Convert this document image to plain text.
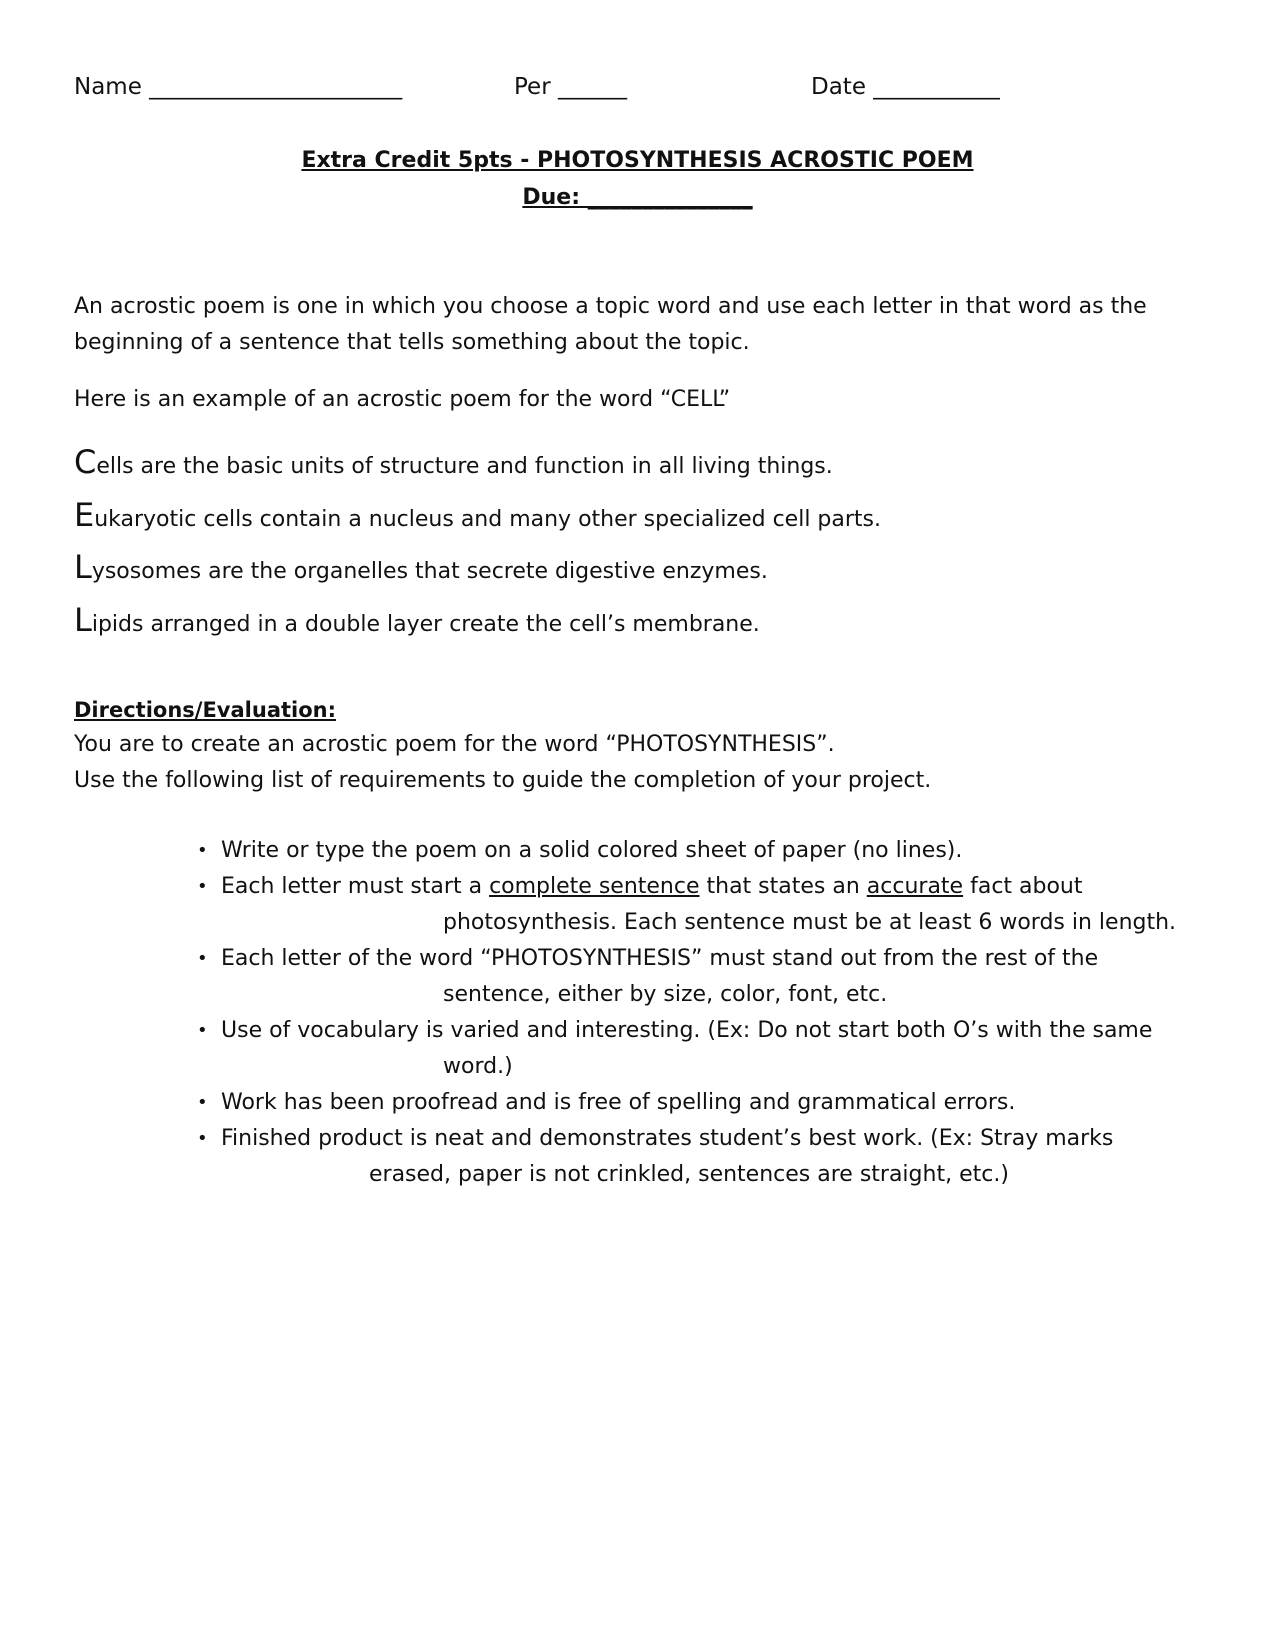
Name ______________________	Per ______	Date ___________
Extra Credit 5pts - PHOTOSYNTHESIS ACROSTIC POEM
Due: _______________
An acrostic poem is one in which you choose a topic word and use each letter in that word as the
beginning of a sentence that tells something about the topic.
Here is an example of an acrostic poem for the word “CELL”
Cells are the basic units of structure and function in all living things.
Eukaryotic cells contain a nucleus and many other specialized cell parts.
Lysosomes are the organelles that secrete digestive enzymes.
Lipids arranged in a double layer create the cell’s membrane.
Directions/Evaluation:
You are to create an acrostic poem for the word “PHOTOSYNTHESIS”.
Use the following list of requirements to guide the completion of your project.
• Write or type the poem on a solid colored sheet of paper (no lines).
• Each letter must start a complete sentence that states an accurate fact about
photosynthesis. Each sentence must be at least 6 words in length.
• Each letter of the word “PHOTOSYNTHESIS” must stand out from the rest of the
sentence, either by size, color, font, etc.
• Use of vocabulary is varied and interesting. (Ex: Do not start both O’s with the same
word.)
• Work has been proofread and is free of spelling and grammatical errors.
• Finished product is neat and demonstrates student’s best work. (Ex: Stray marks
erased, paper is not crinkled, sentences are straight, etc.)
